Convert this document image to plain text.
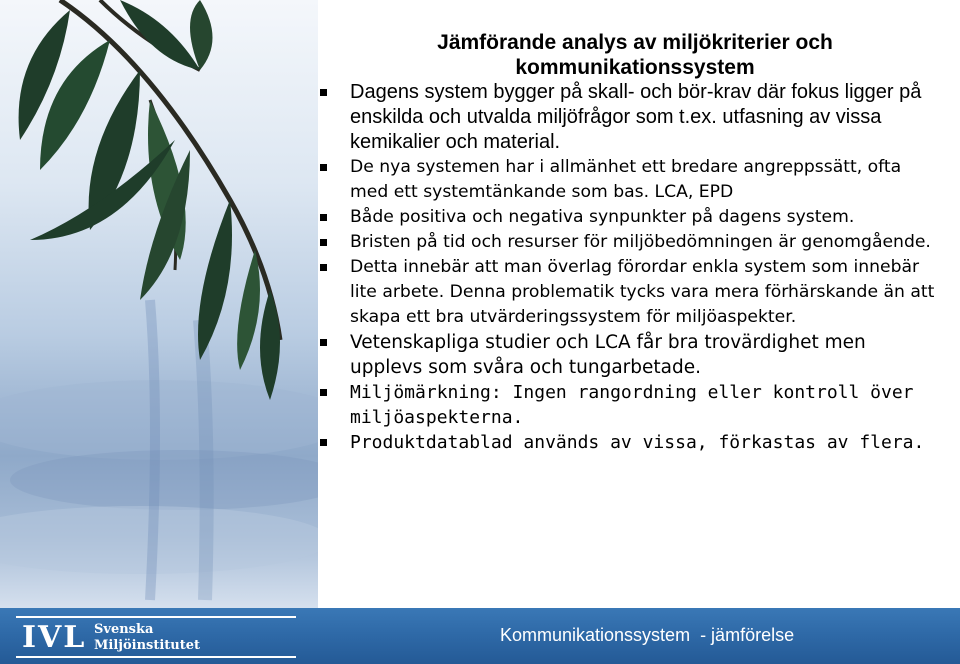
Jämförande analys av miljökriterier och kommunikationssystem
Dagens system bygger på skall- och bör-krav där fokus ligger på enskilda och utvalda miljöfrågor som t.ex. utfasning av vissa kemikalier och material.
De nya systemen har i allmänhet ett bredare angreppssätt, ofta med ett systemtänkande som bas. LCA, EPD
Både positiva och negativa synpunkter på dagens system.
Bristen på tid och resurser för miljöbedömningen är genomgående.
Detta innebär att man överlag förordar enkla system som innebär lite arbete. Denna problematik tycks vara mera förhärskande än att skapa ett bra utvärderingssystem för miljöaspekter.
Vetenskapliga studier och LCA får bra trovärdighet men upplevs som svåra och tungarbetade.
Miljömärkning: Ingen rangordning eller kontroll över miljöaspekterna.
Produktdatablad används av vissa, förkastas av flera.
IVL Svenska
Miljöinstitutet
Kommunikationssystem  - jämförelse
